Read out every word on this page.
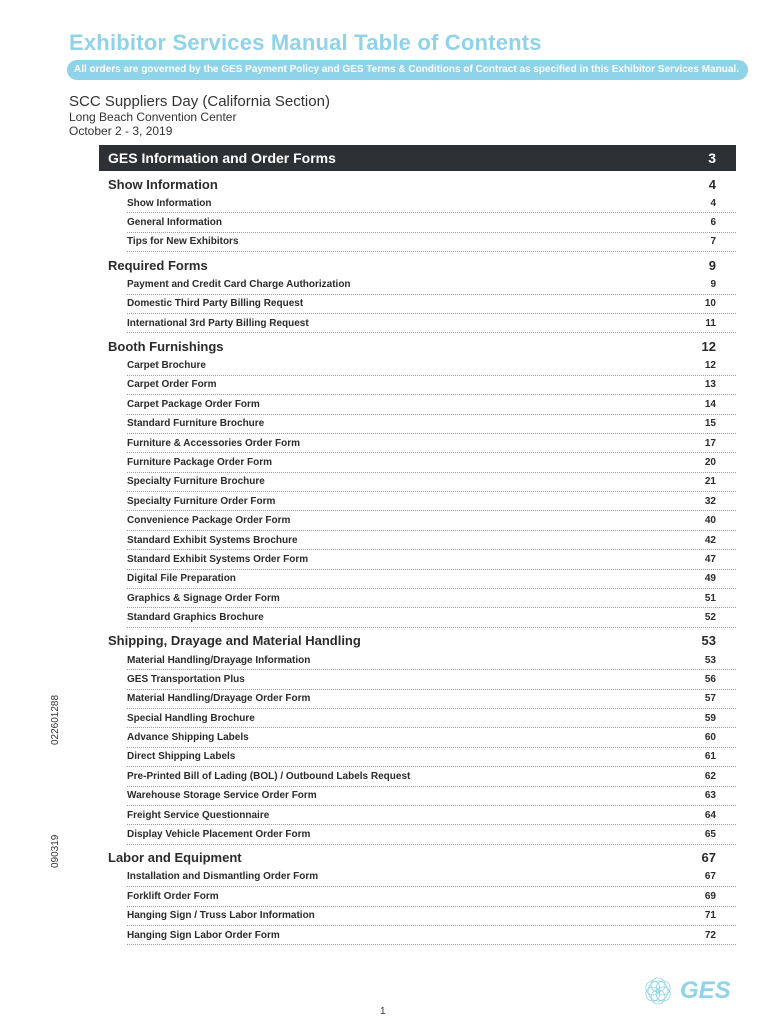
Exhibitor Services Manual Table of Contents
All orders are governed by the GES Payment Policy and GES Terms & Conditions of Contract as specified in this Exhibitor Services Manual.
SCC Suppliers Day (California Section)
Long Beach Convention Center
October 2 - 3, 2019
GES Information and Order Forms	3
Show Information	4
Show Information	4
General Information	6
Tips for New Exhibitors	7
Required Forms	9
Payment and Credit Card Charge Authorization	9
Domestic Third Party Billing Request	10
International 3rd Party Billing Request	11
Booth Furnishings	12
Carpet Brochure	12
Carpet Order Form	13
Carpet Package Order Form	14
Standard Furniture Brochure	15
Furniture & Accessories Order Form	17
Furniture Package Order Form	20
Specialty Furniture Brochure	21
Specialty Furniture Order Form	32
Convenience Package Order Form	40
Standard Exhibit Systems Brochure	42
Standard Exhibit Systems Order Form	47
Digital File Preparation	49
Graphics & Signage Order Form	51
Standard Graphics Brochure	52
Shipping, Drayage and Material Handling	53
Material Handling/Drayage Information	53
GES Transportation Plus	56
Material Handling/Drayage Order Form	57
Special Handling Brochure	59
Advance Shipping Labels	60
Direct Shipping Labels	61
Pre-Printed Bill of Lading (BOL) / Outbound Labels Request	62
Warehouse Storage Service Order Form	63
Freight Service Questionnaire	64
Display Vehicle Placement Order Form	65
Labor and Equipment	67
Installation and Dismantling Order Form	67
Forklift Order Form	69
Hanging Sign / Truss Labor Information	71
Hanging Sign Labor Order Form	72
022601288
090319
1
GES
